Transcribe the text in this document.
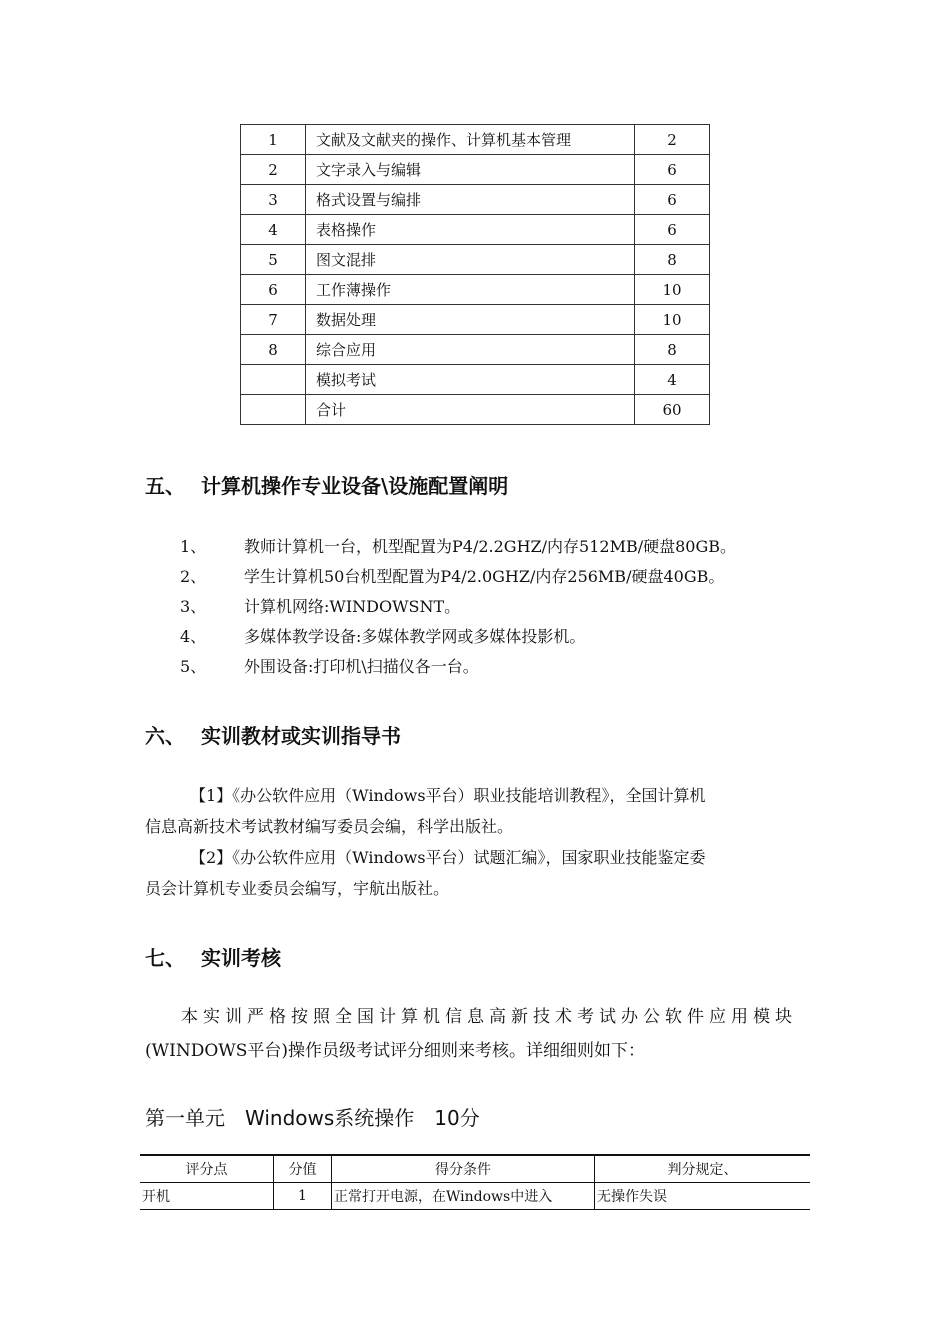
1	文献及文献夹的操作、计算机基本管理	2
2	文字录入与编辑	6
3	格式设置与编排	6
4	表格操作	6
5	图文混排	8
6	工作薄操作	10
7	数据处理	10
8	综合应用	8
	模拟考试	4
	合计	60
五、 计算机操作专业设备\设施配置阐明
1、 教师计算机一台，机型配置为P4/2.2GHZ/内存512MB/硬盘80GB。
2、 学生计算机50台机型配置为P4/2.0GHZ/内存256MB/硬盘40GB。
3、 计算机网络:WINDOWSNT。
4、 多媒体教学设备:多媒体教学网或多媒体投影机。
5、 外围设备:打印机\扫描仪各一台。
六、 实训教材或实训指导书
【1】《办公软件应用（Windows平台）职业技能培训教程》，全国计算机
信息高新技术考试教材编写委员会编，科学出版社。
【2】《办公软件应用（Windows平台）试题汇编》，国家职业技能鉴定委
员会计算机专业委员会编写，宇航出版社。
七、 实训考核
本实训严格按照全国计算机信息高新技术考试办公软件应用模块
(WINDOWS平台)操作员级考试评分细则来考核。详细细则如下：
第一单元　Windows系统操作　10分
评分点	分值	得分条件	判分规定、
开机	1	正常打开电源，在Windows中进入	无操作失误
